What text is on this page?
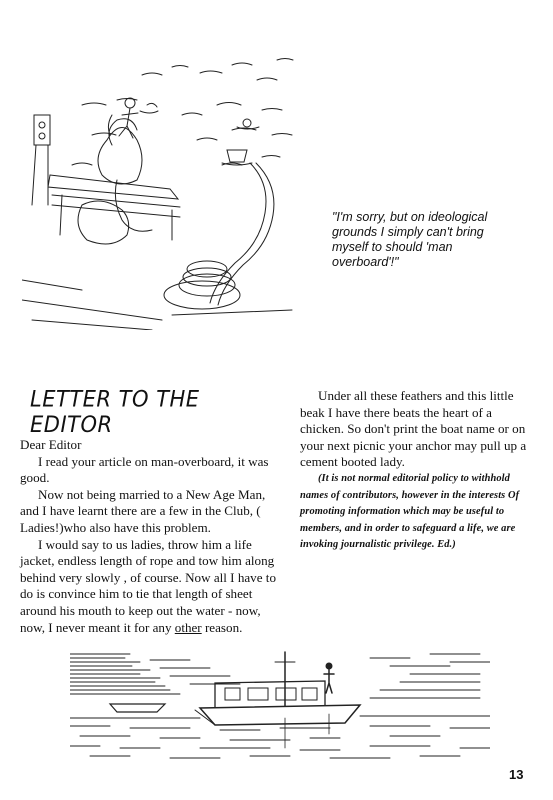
"I'm sorry, but on ideological grounds I simply can't bring myself to should 'man overboard'!"
LETTER TO THE EDITOR

Dear Editor

I read your article on man-overboard, it was good.

Now not being married to a New Age Man, and I have learnt there are a few in the Club, ( Ladies!)who also have this problem.

I would say to us ladies, throw him a life jacket, endless length of rope and tow him along behind very slowly , of course. Now all I have to do is convince him to tie that length of sheet around his mouth to keep out the water - now, now, I never meant it for any other reason.

Under all these feathers and this little beak I have there beats the heart of a chicken. So don't print the boat name or on your next picnic your anchor may pull up a cement booted lady.

(It is not normal editorial policy to withhold names of contributors, however in the interests Of promoting information which may be useful to members, and in order to safeguard a life, we are invoking journalistic privilege. Ed.)

13
